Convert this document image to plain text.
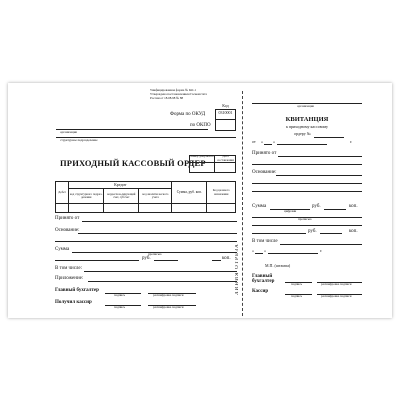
Унифицированная форма № КО-1
Утверждена постановлением Госкомстата
России от 18.08.98 № 88
Код
0310001
Форма по ОКУД
по ОКПО
организация
структурное подразделение
ПРИХОДНЫЙ КАССОВЫЙ ОРДЕР
Номер документа	Дата составления
Дебет	Кредит			Сумма, руб. коп.	Код целевого назначения
	код структурного подраз-деления	корреспон-дирующий счет, субсчет	код аналити-ческого учета		

Принято от
Основание:
Сумма
прописью
руб.	коп.
В том числе:
Приложение:
Главный бухгалтер
подпись	расшифровка подписи
Получил кассир
подпись	расшифровка подписи
ЛИНИЯ ОТРЕЗА
организация
КВИТАНЦИЯ
к приходному кассовому
ордеру №
от «	»	г.
Принято от
Основание:
Сумма
цифрами
руб.	коп.
прописью
руб.	коп.
В том числе
«	»	г.
М.П. (штампа)
Главный бухгалтер	подпись	расшифровка подписи
Кассир
подпись	расшифровка подписи
